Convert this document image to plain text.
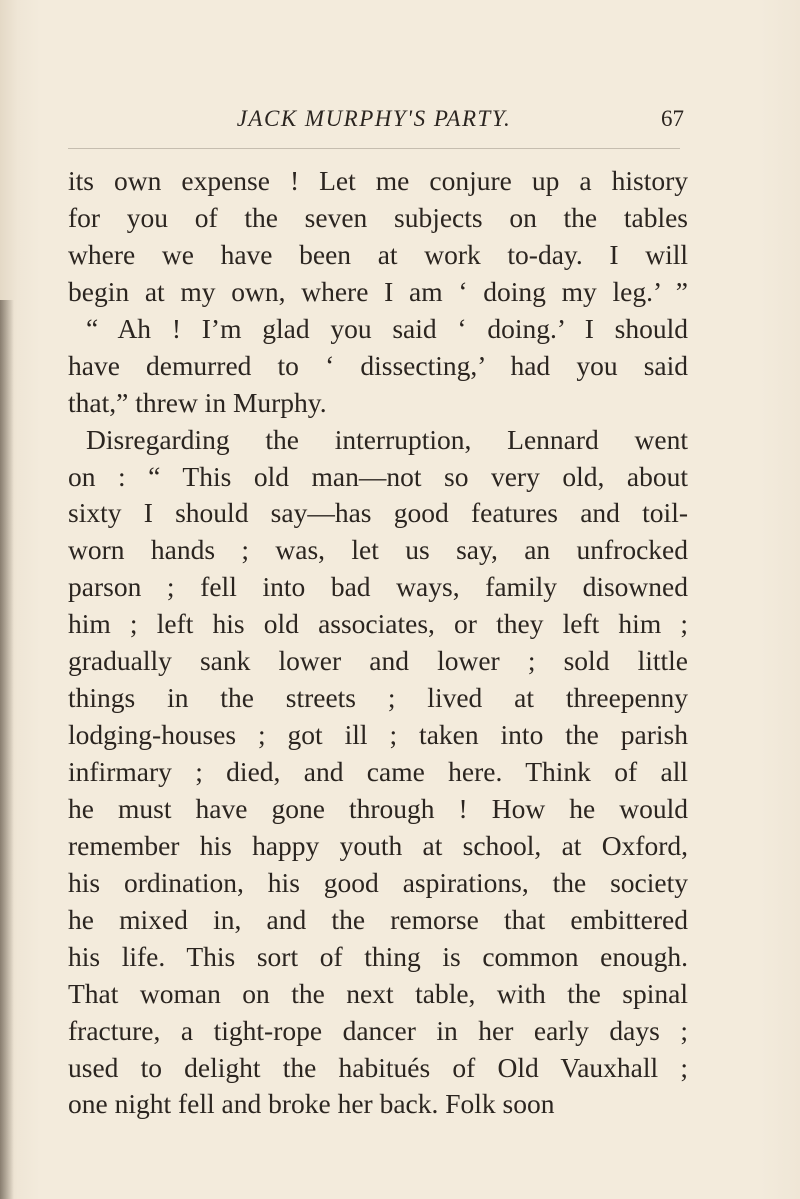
JACK MURPHY'S PARTY.	67
its own expense ! Let me conjure up a history
for you of the seven subjects on the tables
where we have been at work to-day. I will
begin at my own, where I am ‘ doing my leg.’ ”
“ Ah ! I’m glad you said ‘ doing.’ I should
have demurred to ‘ dissecting,’ had you said
that,” threw in Murphy.
Disregarding the interruption, Lennard went
on : “ This old man—not so very old, about
sixty I should say—has good features and toil-
worn hands ; was, let us say, an unfrocked
parson ; fell into bad ways, family disowned
him ; left his old associates, or they left him ;
gradually sank lower and lower ; sold little
things in the streets ; lived at threepenny
lodging-houses ; got ill ; taken into the parish
infirmary ; died, and came here. Think of all
he must have gone through ! How he would
remember his happy youth at school, at Oxford,
his ordination, his good aspirations, the society
he mixed in, and the remorse that embittered
his life. This sort of thing is common enough.
That woman on the next table, with the spinal
fracture, a tight-rope dancer in her early days ;
used to delight the habitués of Old Vauxhall ;
one night fell and broke her back. Folk soon
